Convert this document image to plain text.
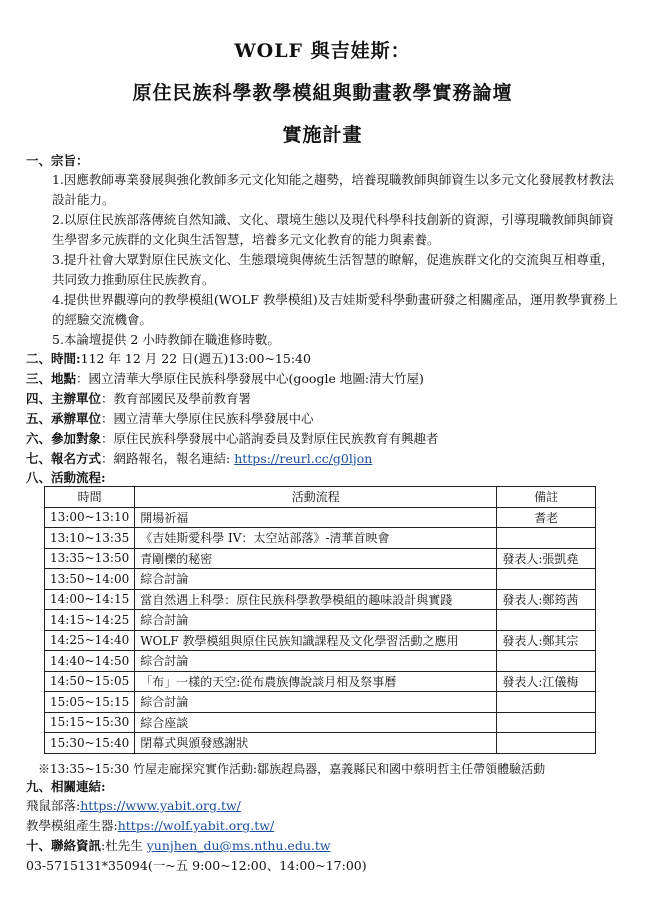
WOLF 與吉娃斯：
原住民族科學教學模組與動畫教學實務論壇
實施計畫
一、宗旨：
1.因應教師專業發展與強化教師多元文化知能之趨勢，培養現職教師與師資生以多元文化發展教材教法設計能力。
2.以原住民族部落傳統自然知識、文化、環境生態以及現代科學科技創新的資源，引導現職教師與師資生學習多元族群的文化與生活智慧，培養多元文化教育的能力與素養。
3.提升社會大眾對原住民族文化、生態環境與傳統生活智慧的瞭解，促進族群文化的交流與互相尊重，共同致力推動原住民族教育。
4.提供世界觀導向的教學模組(WOLF 教學模組)及吉娃斯愛科學動畫研發之相關產品，運用教學實務上的經驗交流機會。
5.本論壇提供 2 小時教師在職進修時數。
二、時間:112 年 12 月 22 日(週五)13:00~15:40
三、地點：國立清華大學原住民族科學發展中心(google 地圖:清大竹屋)
四、主辦單位：教育部國民及學前教育署
五、承辦單位：國立清華大學原住民族科學發展中心
六、參加對象：原住民族科學發展中心諮詢委員及對原住民族教育有興趣者
七、報名方式：網路報名，報名連結: https://reurl.cc/g0ljon
八、活動流程:
時間	活動流程	備註
13:00~13:10	開場祈福	耆老
13:10~13:35	《吉娃斯愛科學 IV：太空站部落》-清華首映會	
13:35~13:50	青剛櫟的秘密	發表人:張凱堯
13:50~14:00	綜合討論	
14:00~14:15	當自然遇上科學：原住民族科學教學模組的趣味設計與實踐	發表人:鄭筠茜
14:15~14:25	綜合討論	
14:25~14:40	WOLF 教學模組與原住民族知識課程及文化學習活動之應用	發表人:鄭其宗
14:40~14:50	綜合討論	
14:50~15:05	「布」一樣的天空:從布農族傳說談月相及祭事曆	發表人:江儀梅
15:05~15:15	綜合討論	
15:15~15:30	綜合座談	
15:30~15:40	閉幕式與頒發感謝狀	
※13:35~15:30 竹屋走廊探究實作活動:鄒族趕鳥器，嘉義縣民和國中蔡明哲主任帶領體驗活動
九、相關連結:
飛鼠部落:https://www.yabit.org.tw/
教學模組產生器:https://wolf.yabit.org.tw/
十、聯絡資訊:杜先生 yunjhen_du@ms.nthu.edu.tw
03-5715131*35094(一~五 9:00~12:00、14:00~17:00)
